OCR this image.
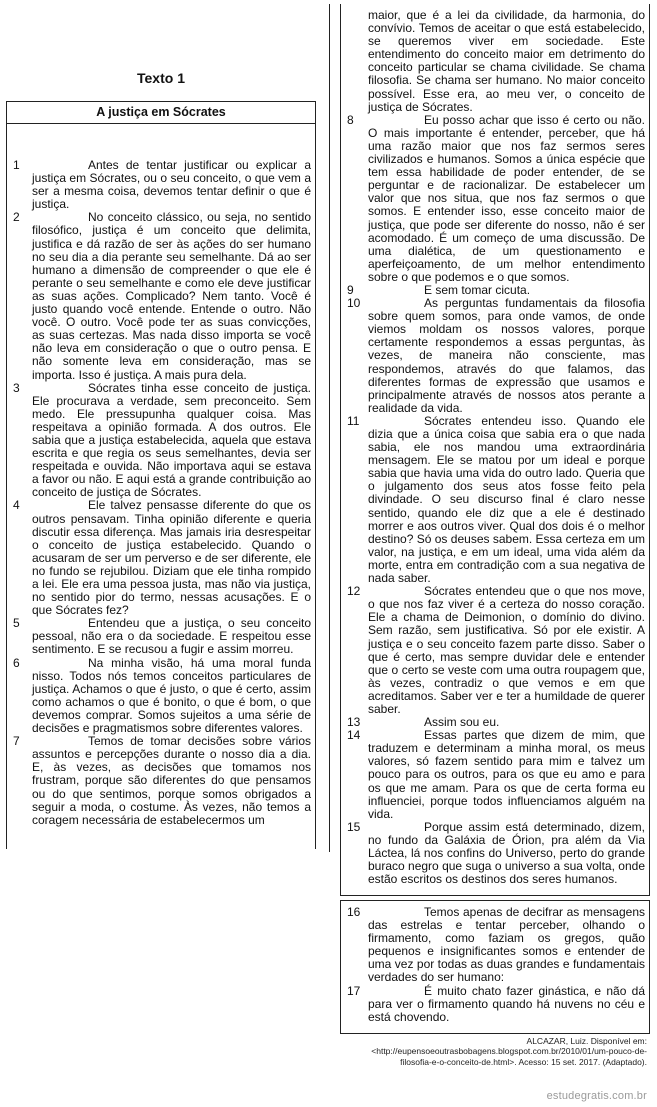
Texto 1
A justiça em Sócrates
1	Antes de tentar justificar ou explicar a justiça em Sócrates, ou o seu conceito, o que vem a ser a mesma coisa, devemos tentar definir o que é justiça.
2	No conceito clássico, ou seja, no sentido filosófico, justiça é um conceito que delimita, justifica e dá razão de ser às ações do ser humano no seu dia a dia perante seu semelhante. Dá ao ser humano a dimensão de compreender o que ele é perante o seu semelhante e como ele deve justificar as suas ações. Complicado? Nem tanto. Você é justo quando você entende. Entende o outro. Não você. O outro. Você pode ter as suas convicções, as suas certezas. Mas nada disso importa se você não leva em consideração o que o outro pensa. E não somente leva em consideração, mas se importa. Isso é justiça. A mais pura dela.
3	Sócrates tinha esse conceito de justiça. Ele procurava a verdade, sem preconceito. Sem medo. Ele pressupunha qualquer coisa. Mas respeitava a opinião formada. A dos outros. Ele sabia que a justiça estabelecida, aquela que estava escrita e que regia os seus semelhantes, devia ser respeitada e ouvida. Não importava aqui se estava a favor ou não. E aqui está a grande contribuição ao conceito de justiça de Sócrates.
4	Ele talvez pensasse diferente do que os outros pensavam. Tinha opinião diferente e queria discutir essa diferença. Mas jamais iria desrespeitar o conceito de justiça estabelecido. Quando o acusaram de ser um perverso e de ser diferente, ele no fundo se rejubilou. Diziam que ele tinha rompido a lei. Ele era uma pessoa justa, mas não via justiça, no sentido pior do termo, nessas acusações. E o que Sócrates fez?
5	Entendeu que a justiça, o seu conceito pessoal, não era o da sociedade. E respeitou esse sentimento. E se recusou a fugir e assim morreu.
6	Na minha visão, há uma moral funda nisso. Todos nós temos conceitos particulares de justiça. Achamos o que é justo, o que é certo, assim como achamos o que é bonito, o que é bom, o que devemos comprar. Somos sujeitos a uma série de decisões e pragmatismos sobre diferentes valores.
7	Temos de tomar decisões sobre vários assuntos e percepções durante o nosso dia a dia. E, às vezes, as decisões que tomamos nos frustram, porque são diferentes do que pensamos ou do que sentimos, porque somos obrigados a seguir a moda, o costume. Às vezes, não temos a coragem necessária de estabelecermos um
maior, que é a lei da civilidade, da harmonia, do convívio. Temos de aceitar o que está estabelecido, se queremos viver em sociedade. Este entendimento do conceito maior em detrimento do conceito particular se chama civilidade. Se chama filosofia. Se chama ser humano. No maior conceito possível. Esse era, ao meu ver, o conceito de justiça de Sócrates.
8	Eu posso achar que isso é certo ou não. O mais importante é entender, perceber, que há uma razão maior que nos faz sermos seres civilizados e humanos. Somos a única espécie que tem essa habilidade de poder entender, de se perguntar e de racionalizar. De estabelecer um valor que nos situa, que nos faz sermos o que somos. E entender isso, esse conceito maior de justiça, que pode ser diferente do nosso, não é ser acomodado. É um começo de uma discussão. De uma dialética, de um questionamento e aperfeiçoamento, de um melhor entendimento sobre o que podemos e o que somos.
9	E sem tomar cicuta.
10	As perguntas fundamentais da filosofia sobre quem somos, para onde vamos, de onde viemos moldam os nossos valores, porque certamente respondemos a essas perguntas, às vezes, de maneira não consciente, mas respondemos, através do que falamos, das diferentes formas de expressão que usamos e principalmente através de nossos atos perante a realidade da vida.
11	Sócrates entendeu isso. Quando ele dizia que a única coisa que sabia era o que nada sabia, ele nos mandou uma extraordinária mensagem. Ele se matou por um ideal e porque sabia que havia uma vida do outro lado. Queria que o julgamento dos seus atos fosse feito pela divindade. O seu discurso final é claro nesse sentido, quando ele diz que a ele é destinado morrer e aos outros viver. Qual dos dois é o melhor destino? Só os deuses sabem. Essa certeza em um valor, na justiça, e em um ideal, uma vida além da morte, entra em contradição com a sua negativa de nada saber.
12	Sócrates entendeu que o que nos move, o que nos faz viver é a certeza do nosso coração. Ele a chama de Deimonion, o domínio do divino. Sem razão, sem justificativa. Só por ele existir. A justiça e o seu conceito fazem parte disso. Saber o que é certo, mas sempre duvidar dele e entender que o certo se veste com uma outra roupagem que, às vezes, contradiz o que vemos e em que acreditamos. Saber ver e ter a humildade de querer saber.
13	Assim sou eu.
14	Essas partes que dizem de mim, que traduzem e determinam a minha moral, os meus valores, só fazem sentido para mim e talvez um pouco para os outros, para os que eu amo e para os que me amam. Para os que de certa forma eu influenciei, porque todos influenciamos alguém na vida.
15	Porque assim está determinado, dizem, no fundo da Galáxia de Órion, pra além da Via Láctea, lá nos confins do Universo, perto do grande buraco negro que suga o universo a sua volta, onde estão escritos os destinos dos seres humanos.
16	Temos apenas de decifrar as mensagens das estrelas e tentar perceber, olhando o firmamento, como faziam os gregos, quão pequenos e insignificantes somos e entender de uma vez por todas as duas grandes e fundamentais verdades do ser humano:
17	É muito chato fazer ginástica, e não dá para ver o firmamento quando há nuvens no céu e está chovendo.
ALCAZAR, Luiz. Disponível em: <http://eupensoeoutrasbobagens.blogspot.com.br/2010/01/um-pouco-de-filosofia-e-o-conceito-de.html>. Acesso: 15 set. 2017. (Adaptado).
estudegratis.com.br
